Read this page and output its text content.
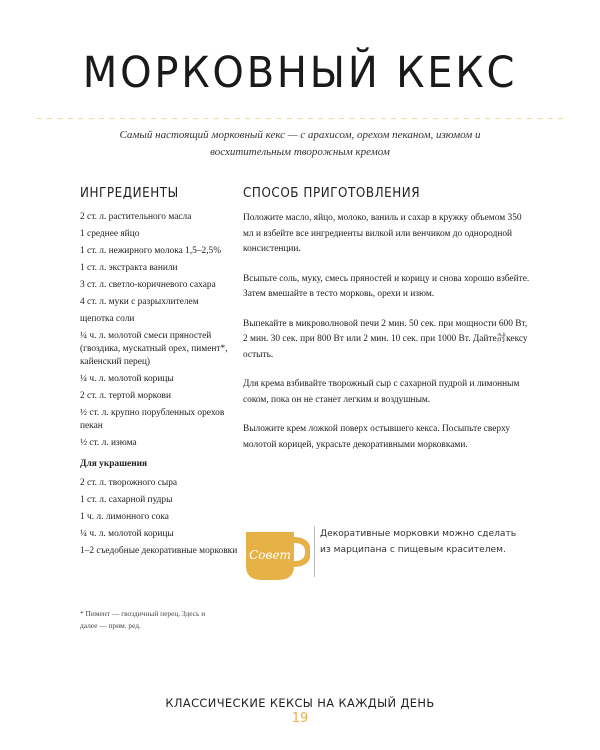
МОРКОВНЫЙ КЕКС
– – – – – – – – – – – – – – – – – – – – – – – – – – – – – – – – – – – – – – – – – – – – – – – – – – –
Самый настоящий морковный кекс — с арахисом, орехом пеканом, изюмом и восхитительным творожным кремом
ИНГРЕДИЕНТЫ	СПОСОБ ПРИГОТОВЛЕНИЯ
2 ст. л. растительного масла
1 среднее яйцо
1 ст. л. нежирного молока 1,5–2,5%
1 ст. л. экстракта ванили
3 ст. л. светло-коричневого сахара
4 ст. л. муки с разрыхлителем
щепотка соли
¼ ч. л. молотой смеси пряностей (гвоздика, мускатный орех, пимент*, кайенский перец)
¼ ч. л. молотой корицы
2 ст. л. тертой моркови
½ ст. л. крупно порубленных орехов пекан
½ ст. л. изюма
Для украшения
2 ст. л. творожного сыра
1 ст. л. сахарной пудры
1 ч. л. лимонного сока
¼ ч. л. молотой корицы
1–2 съедобные декоративные морковки
* Пимент — гвоздичный перец. Здесь и далее — прим. ред.

Положите масло, яйцо, молоко, ваниль и сахар в кружку объемом 350 мл и взбейте все ингредиенты вилкой или венчиком до однородной консистенции.

Всыпьте соль, муку, смесь пряностей и корицу и снова хорошо взбейте. Затем вмешайте в тесто морковь, орехи и изюм.

Выпекайте в микроволновой печи 2 мин. 50 сек. при мощности 600 Вт, 2 мин. 30 сек. при 800 Вт или 2 мин. 10 сек. при 1000 Вт. Дайте討кексу остыть.

Для крема взбивайте творожный сыр с сахарной пудрой и лимонным соком, пока он не станет легким и воздушным.

Выложите крем ложкой поверх остывшего кекса. Посыпьте сверху молотой корицей, украсьте декоративными морковками.

Совет
Декоративные морковки можно сделать из марципана с пищевым красителем.
КЛАССИЧЕСКИЕ КЕКСЫ НА КАЖДЫЙ ДЕНЬ
19
